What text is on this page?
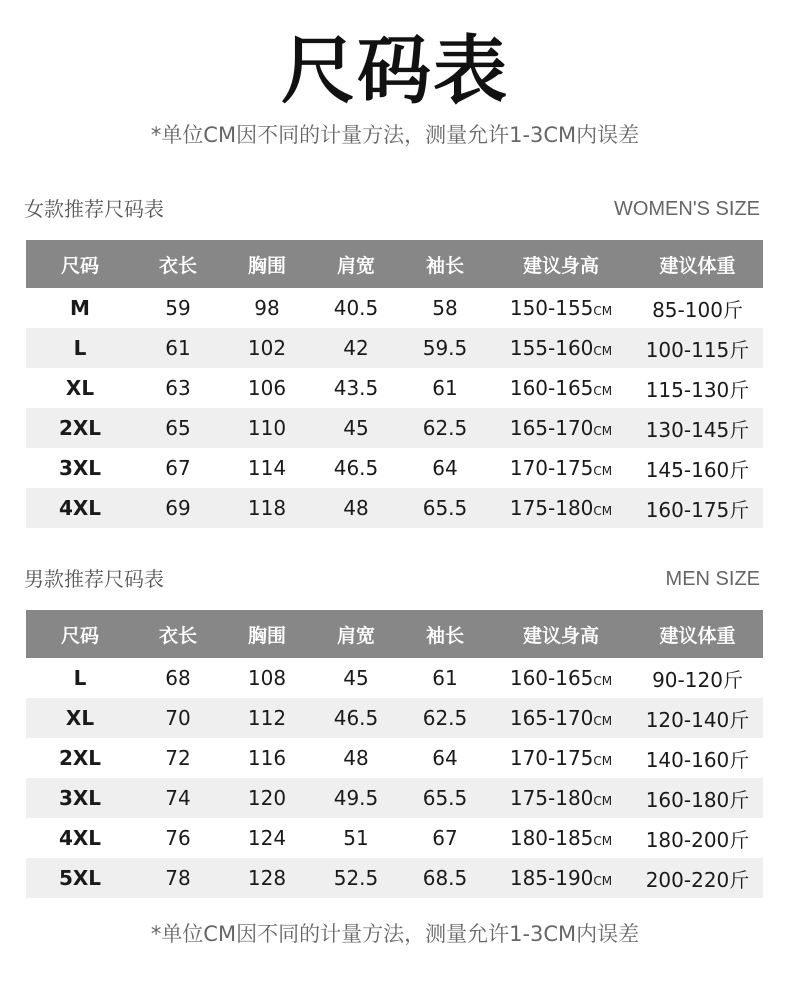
尺码表
*单位CM因不同的计量方法，测量允许1-3CM内误差
女款推荐尺码表	WOMEN'S SIZE
尺码	衣长	胸围	肩宽	袖长	建议身高	建议体重
M	59	98	40.5	58	150-155CM	85-100斤
L	61	102	42	59.5	155-160CM	100-115斤
XL	63	106	43.5	61	160-165CM	115-130斤
2XL	65	110	45	62.5	165-170CM	130-145斤
3XL	67	114	46.5	64	170-175CM	145-160斤
4XL	69	118	48	65.5	175-180CM	160-175斤
男款推荐尺码表	MEN SIZE
尺码	衣长	胸围	肩宽	袖长	建议身高	建议体重
L	68	108	45	61	160-165CM	90-120斤
XL	70	112	46.5	62.5	165-170CM	120-140斤
2XL	72	116	48	64	170-175CM	140-160斤
3XL	74	120	49.5	65.5	175-180CM	160-180斤
4XL	76	124	51	67	180-185CM	180-200斤
5XL	78	128	52.5	68.5	185-190CM	200-220斤
*单位CM因不同的计量方法，测量允许1-3CM内误差
